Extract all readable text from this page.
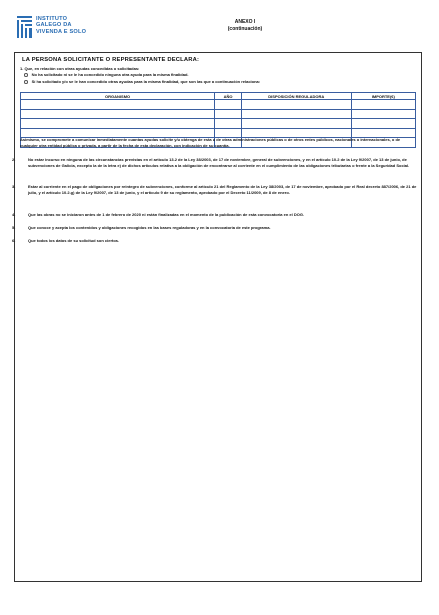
INSTITUTO
GALEGO DA
VIVENDA E SOLO
ANEXO I
(continuación)
LA PERSONA SOLICITANTE O REPRESENTANTE DECLARA:
1. Que, en relación con otras ayudas concedidas o solicitadas:
No ha solicitado ni se le ha concedido ninguna otra ayuda para la misma finalidad.
Sí ha solicitado y/o se le han concedido otras ayudas para la misma finalidad, que son las que a continuación relaciona:
ORGANISMO	AÑO	DISPOSICIÓN REGULADORA	IMPORTE(€)

Asimismo, se compromete a comunicar inmediatamente cuantas ayudas solicite y/u obtenga de esta u de otras administraciones públicas o de otros entes públicos, nacionales o internacionales, o de cualquier otra entidad pública o privada, a partir de la fecha de esta declaración, con indicación de su cuantía.
2.	No estar incurso en ninguna de las circunstancias previstas en el artículo 13.2 de la Ley 38/2003, de 17 de noviembre, general de subvenciones, y en el artículo 10.2 de la Ley 9/2007, de 13 de junio, de subvenciones de Galicia, excepto la de la letra e) de dichos artículos relativa a la obligación de encontrarse al corriente en el cumplimiento de las obligaciones tributarias o frente a la Seguridad Social.
3.	Estar al corriente en el pago de obligaciones por reintegro de subvenciones, conforme al artículo 21 del Reglamento de la Ley 38/2003, de 17 de noviembre, aprobado por el Real decreto 887/2006, de 21 de julio, y el artículo 10.2.g) de la Ley 9/2007, de 13 de junio, y el artículo 9 de su reglamento, aprobado por el Decreto 11/2009, de 8 de enero.
4.	Que las obras no se iniciaron antes de 1 de febrero de 2020 ni están finalizadas en el momento de la publicación de esta convocatoria en el DOG.
5.	Que conoce y acepta los contenidos y obligaciones recogidos en las bases reguladoras y en la convocatoria de este programa.
6.	Que todos los datos de su solicitud son ciertos.
